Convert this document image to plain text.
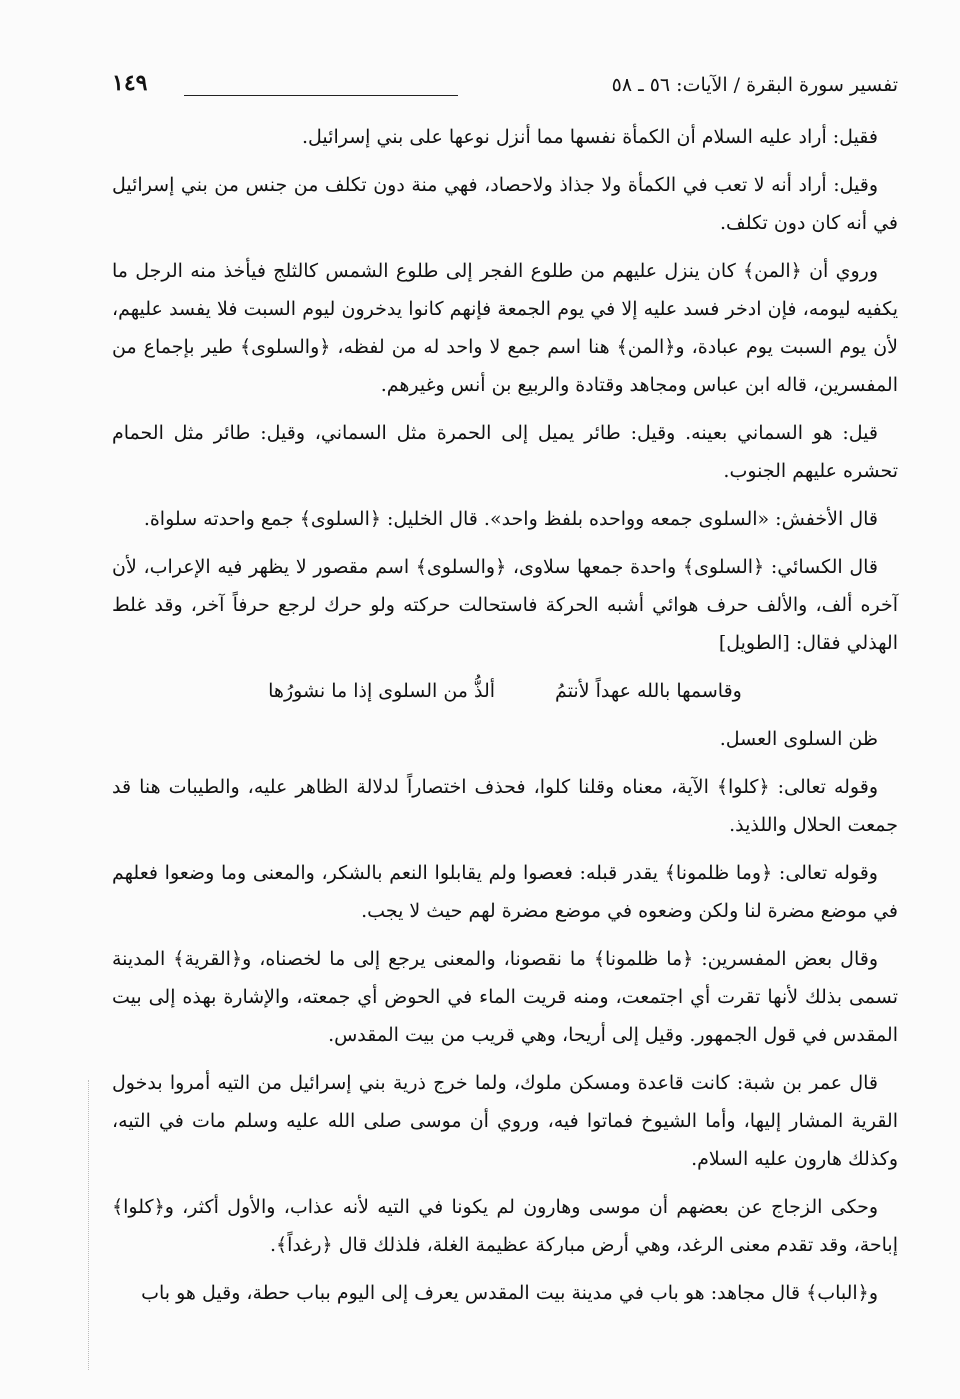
تفسير سورة البقرة / الآيات: ٥٦ ـ ٥٨
١٤٩

فقيل: أراد عليه السلام أن الكمأة نفسها مما أنزل نوعها على بني إسرائيل.

وقيل: أراد أنه لا تعب في الكمأة ولا جذاذ ولاحصاد، فهي منة دون تكلف من جنس من بني إسرائيل في أنه كان دون تكلف.

وروي أن ﴿المن﴾ كان ينزل عليهم من طلوع الفجر إلى طلوع الشمس كالثلج فيأخذ منه الرجل ما يكفيه ليومه، فإن ادخر فسد عليه إلا في يوم الجمعة فإنهم كانوا يدخرون ليوم السبت فلا يفسد عليهم، لأن يوم السبت يوم عبادة، و﴿المن﴾ هنا اسم جمع لا واحد له من لفظه، ﴿والسلوى﴾ طير بإجماع من المفسرين، قاله ابن عباس ومجاهد وقتادة والربيع بن أنس وغيرهم.

قيل: هو السماني بعينه. وقيل: طائر يميل إلى الحمرة مثل السماني، وقيل: طائر مثل الحمام تحشره عليهم الجنوب.

قال الأخفش: «السلوى جمعه وواحده بلفظ واحد». قال الخليل: ﴿السلوى﴾ جمع واحدته سلواة.

قال الكسائي: ﴿السلوى﴾ واحدة جمعها سلاوى، ﴿والسلوى﴾ اسم مقصور لا يظهر فيه الإعراب، لأن آخره ألف، والألف حرف هوائي أشبه الحركة فاستحالت حركته ولو حرك لرجع حرفاً آخر، وقد غلط الهذلي فقال: [الطويل]

وقاسمها بالله عهداً لأنتمُ
ألذُّ من السلوى إذا ما نشورُها

ظن السلوى العسل.

وقوله تعالى: ﴿كلوا﴾ الآية، معناه وقلنا كلوا، فحذف اختصاراً لدلالة الظاهر عليه، والطيبات هنا قد جمعت الحلال واللذيذ.

وقوله تعالى: ﴿وما ظلمونا﴾ يقدر قبله: فعصوا ولم يقابلوا النعم بالشكر، والمعنى وما وضعوا فعلهم في موضع مضرة لنا ولكن وضعوه في موضع مضرة لهم حيث لا يجب.

وقال بعض المفسرين: ﴿ما ظلمونا﴾ ما نقصونا، والمعنى يرجع إلى ما لخصناه، و﴿القرية﴾ المدينة تسمى بذلك لأنها تقرت أي اجتمعت، ومنه قريت الماء في الحوض أي جمعته، والإشارة بهذه إلى بيت المقدس في قول الجمهور. وقيل إلى أريحا، وهي قريب من بيت المقدس.

قال عمر بن شبة: كانت قاعدة ومسكن ملوك، ولما خرج ذرية بني إسرائيل من التيه أمروا بدخول القرية المشار إليها، وأما الشيوخ فماتوا فيه، وروي أن موسى صلى الله عليه وسلم مات في التيه، وكذلك هارون عليه السلام.

وحكى الزجاج عن بعضهم أن موسى وهارون لم يكونا في التيه لأنه عذاب، والأول أكثر، و﴿كلوا﴾ إباحة، وقد تقدم معنى الرغد، وهي أرض مباركة عظيمة الغلة، فلذلك قال ﴿رغداً﴾.

و﴿الباب﴾ قال مجاهد: هو باب في مدينة بيت المقدس يعرف إلى اليوم بباب حطة، وقيل هو باب
